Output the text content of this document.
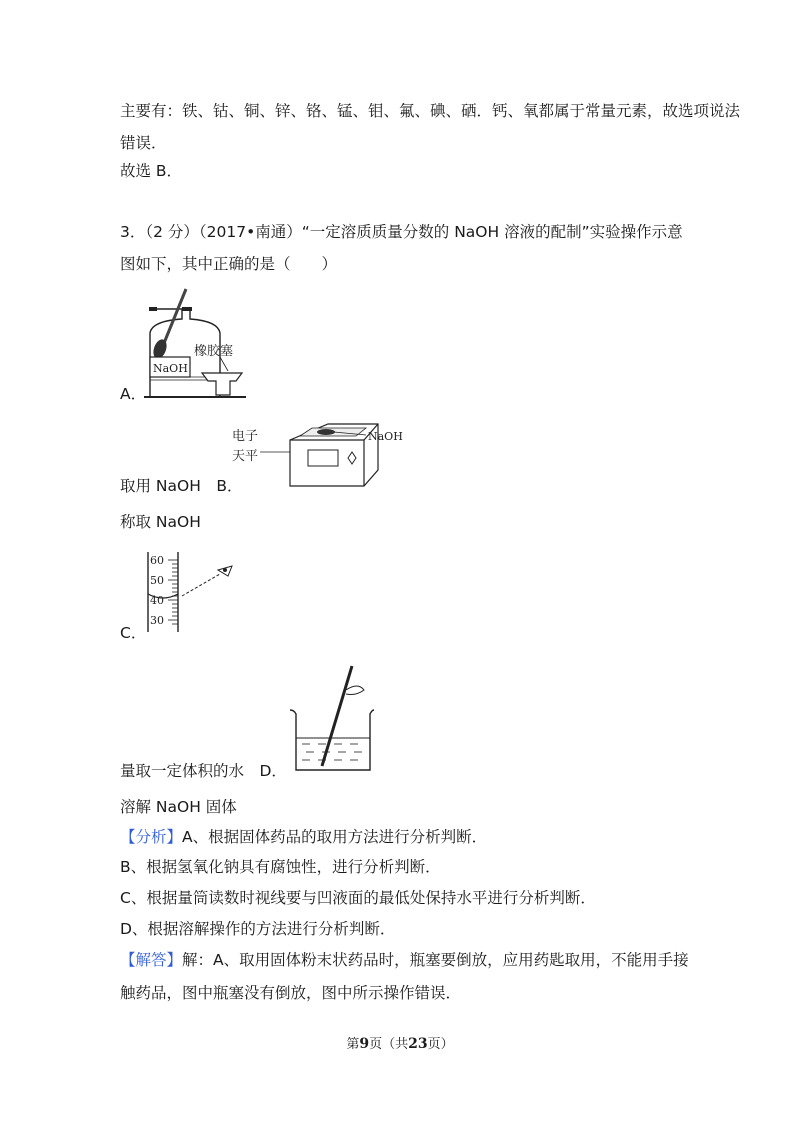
主要有：铁、钴、铜、锌、铬、锰、钼、氟、碘、硒．钙、氧都属于常量元素，故选项说法
错误．
故选 B．
3．（2 分）（2017•南通）“一定溶质质量分数的 NaOH 溶液的配制”实验操作示意
图如下，其中正确的是（　　）
NaOH
橡胶塞
A．
电子
天平
NaOH
取用 NaOH　B．
称取 NaOH
60
50
40
30
C．
量取一定体积的水　D．
溶解 NaOH 固体
【分析】A、根据固体药品的取用方法进行分析判断．
B、根据氢氧化钠具有腐蚀性，进行分析判断．
C、根据量筒读数时视线要与凹液面的最低处保持水平进行分析判断．
D、根据溶解操作的方法进行分析判断．
【解答】解：A、取用固体粉末状药品时，瓶塞要倒放，应用药匙取用，不能用手接
触药品，图中瓶塞没有倒放，图中所示操作错误．
第9页（共23页）
